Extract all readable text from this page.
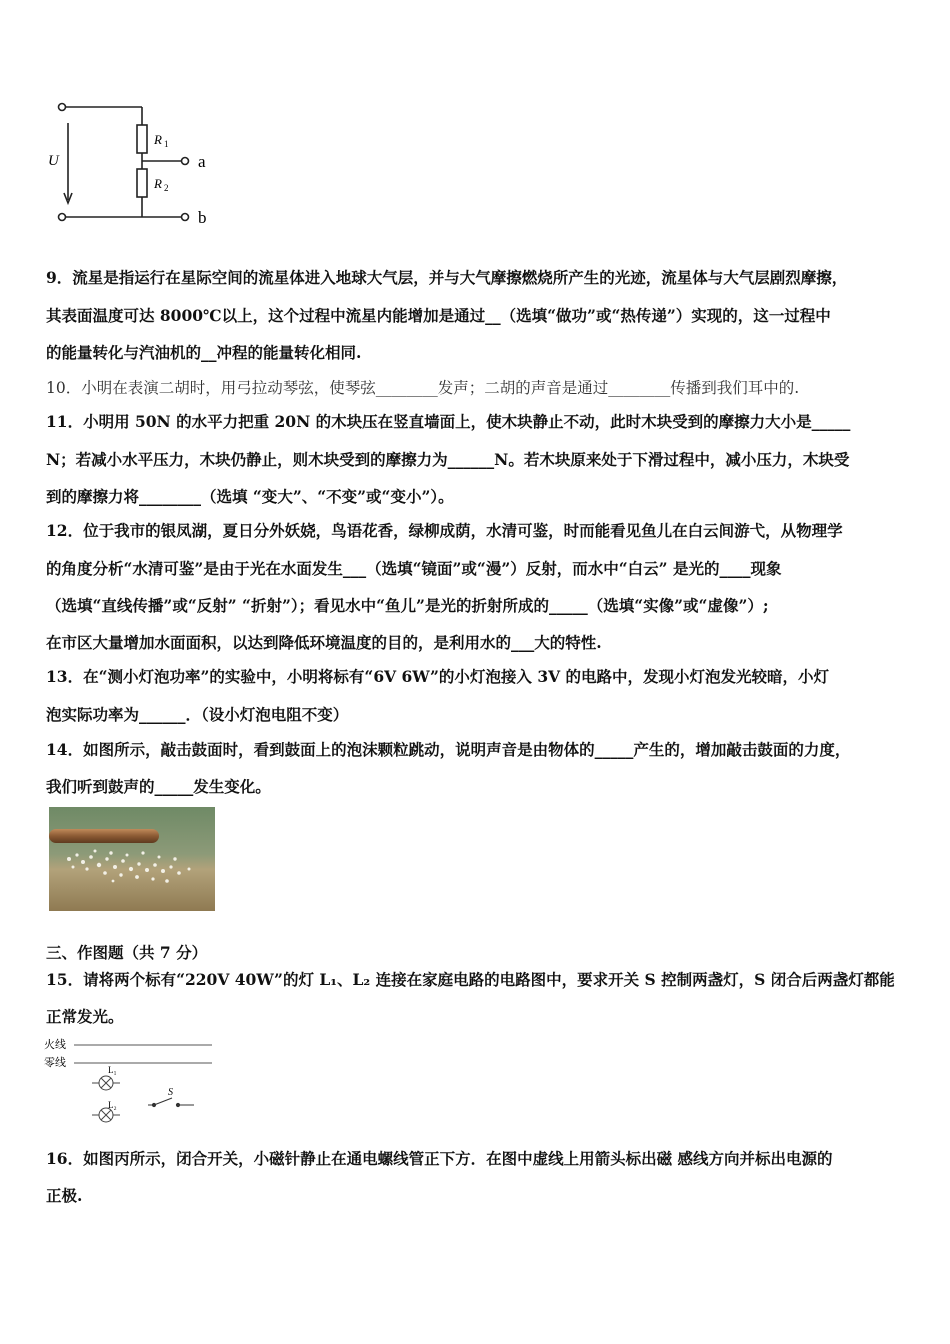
U
R 1
R 2
a
b
9．流星是指运行在星际空间的流星体进入地球大气层，并与大气摩擦燃烧所产生的光迹，流星体与大气层剧烈摩擦，
其表面温度可达 8000℃以上，这个过程中流星内能增加是通过__（选填“做功”或“热传递”）实现的，这一过程中
的能量转化与汽油机的__冲程的能量转化相同.
10．小明在表演二胡时，用弓拉动琴弦，使琴弦________发声；二胡的声音是通过________传播到我们耳中的.
11．小明用 50N 的水平力把重 20N 的木块压在竖直墙面上，使木块静止不动，此时木块受到的摩擦力大小是_____
N；若减小水平压力，木块仍静止，则木块受到的摩擦力为______N。若木块原来处于下滑过程中，减小压力，木块受
到的摩擦力将________（选填 “变大”、“不变”或“变小”）。
12．位于我市的银凤湖，夏日分外妖娆，鸟语花香，绿柳成荫，水清可鉴，时而能看见鱼儿在白云间游弋，从物理学
的角度分析“水清可鉴”是由于光在水面发生___（选填“镜面”或“漫”）反射，而水中“白云” 是光的____现象
（选填“直线传播”或“反射” “折射”）；看见水中“鱼儿”是光的折射所成的_____（选填“实像”或“虚像”）;
在市区大量增加水面面积，以达到降低环境温度的目的，是利用水的___大的特性.
13．在“测小灯泡功率”的实验中，小明将标有“6V 6W”的小灯泡接入 3V 的电路中，发现小灯泡发光较暗，小灯
泡实际功率为______．（设小灯泡电阻不变）
14．如图所示，敲击鼓面时，看到鼓面上的泡沫颗粒跳动，说明声音是由物体的_____产生的，增加敲击鼓面的力度，
我们听到鼓声的_____发生变化。
三、作图题（共 7 分）
15．请将两个标有“220V 40W”的灯 L₁、L₂ 连接在家庭电路的电路图中，要求开关 S 控制两盏灯，S 闭合后两盏灯都能
正常发光。
火线
零线
L₁
L₂
S
16．如图丙所示，闭合开关，小磁针静止在通电螺线管正下方．在图中虚线上用箭头标出磁 感线方向并标出电源的
正极.
